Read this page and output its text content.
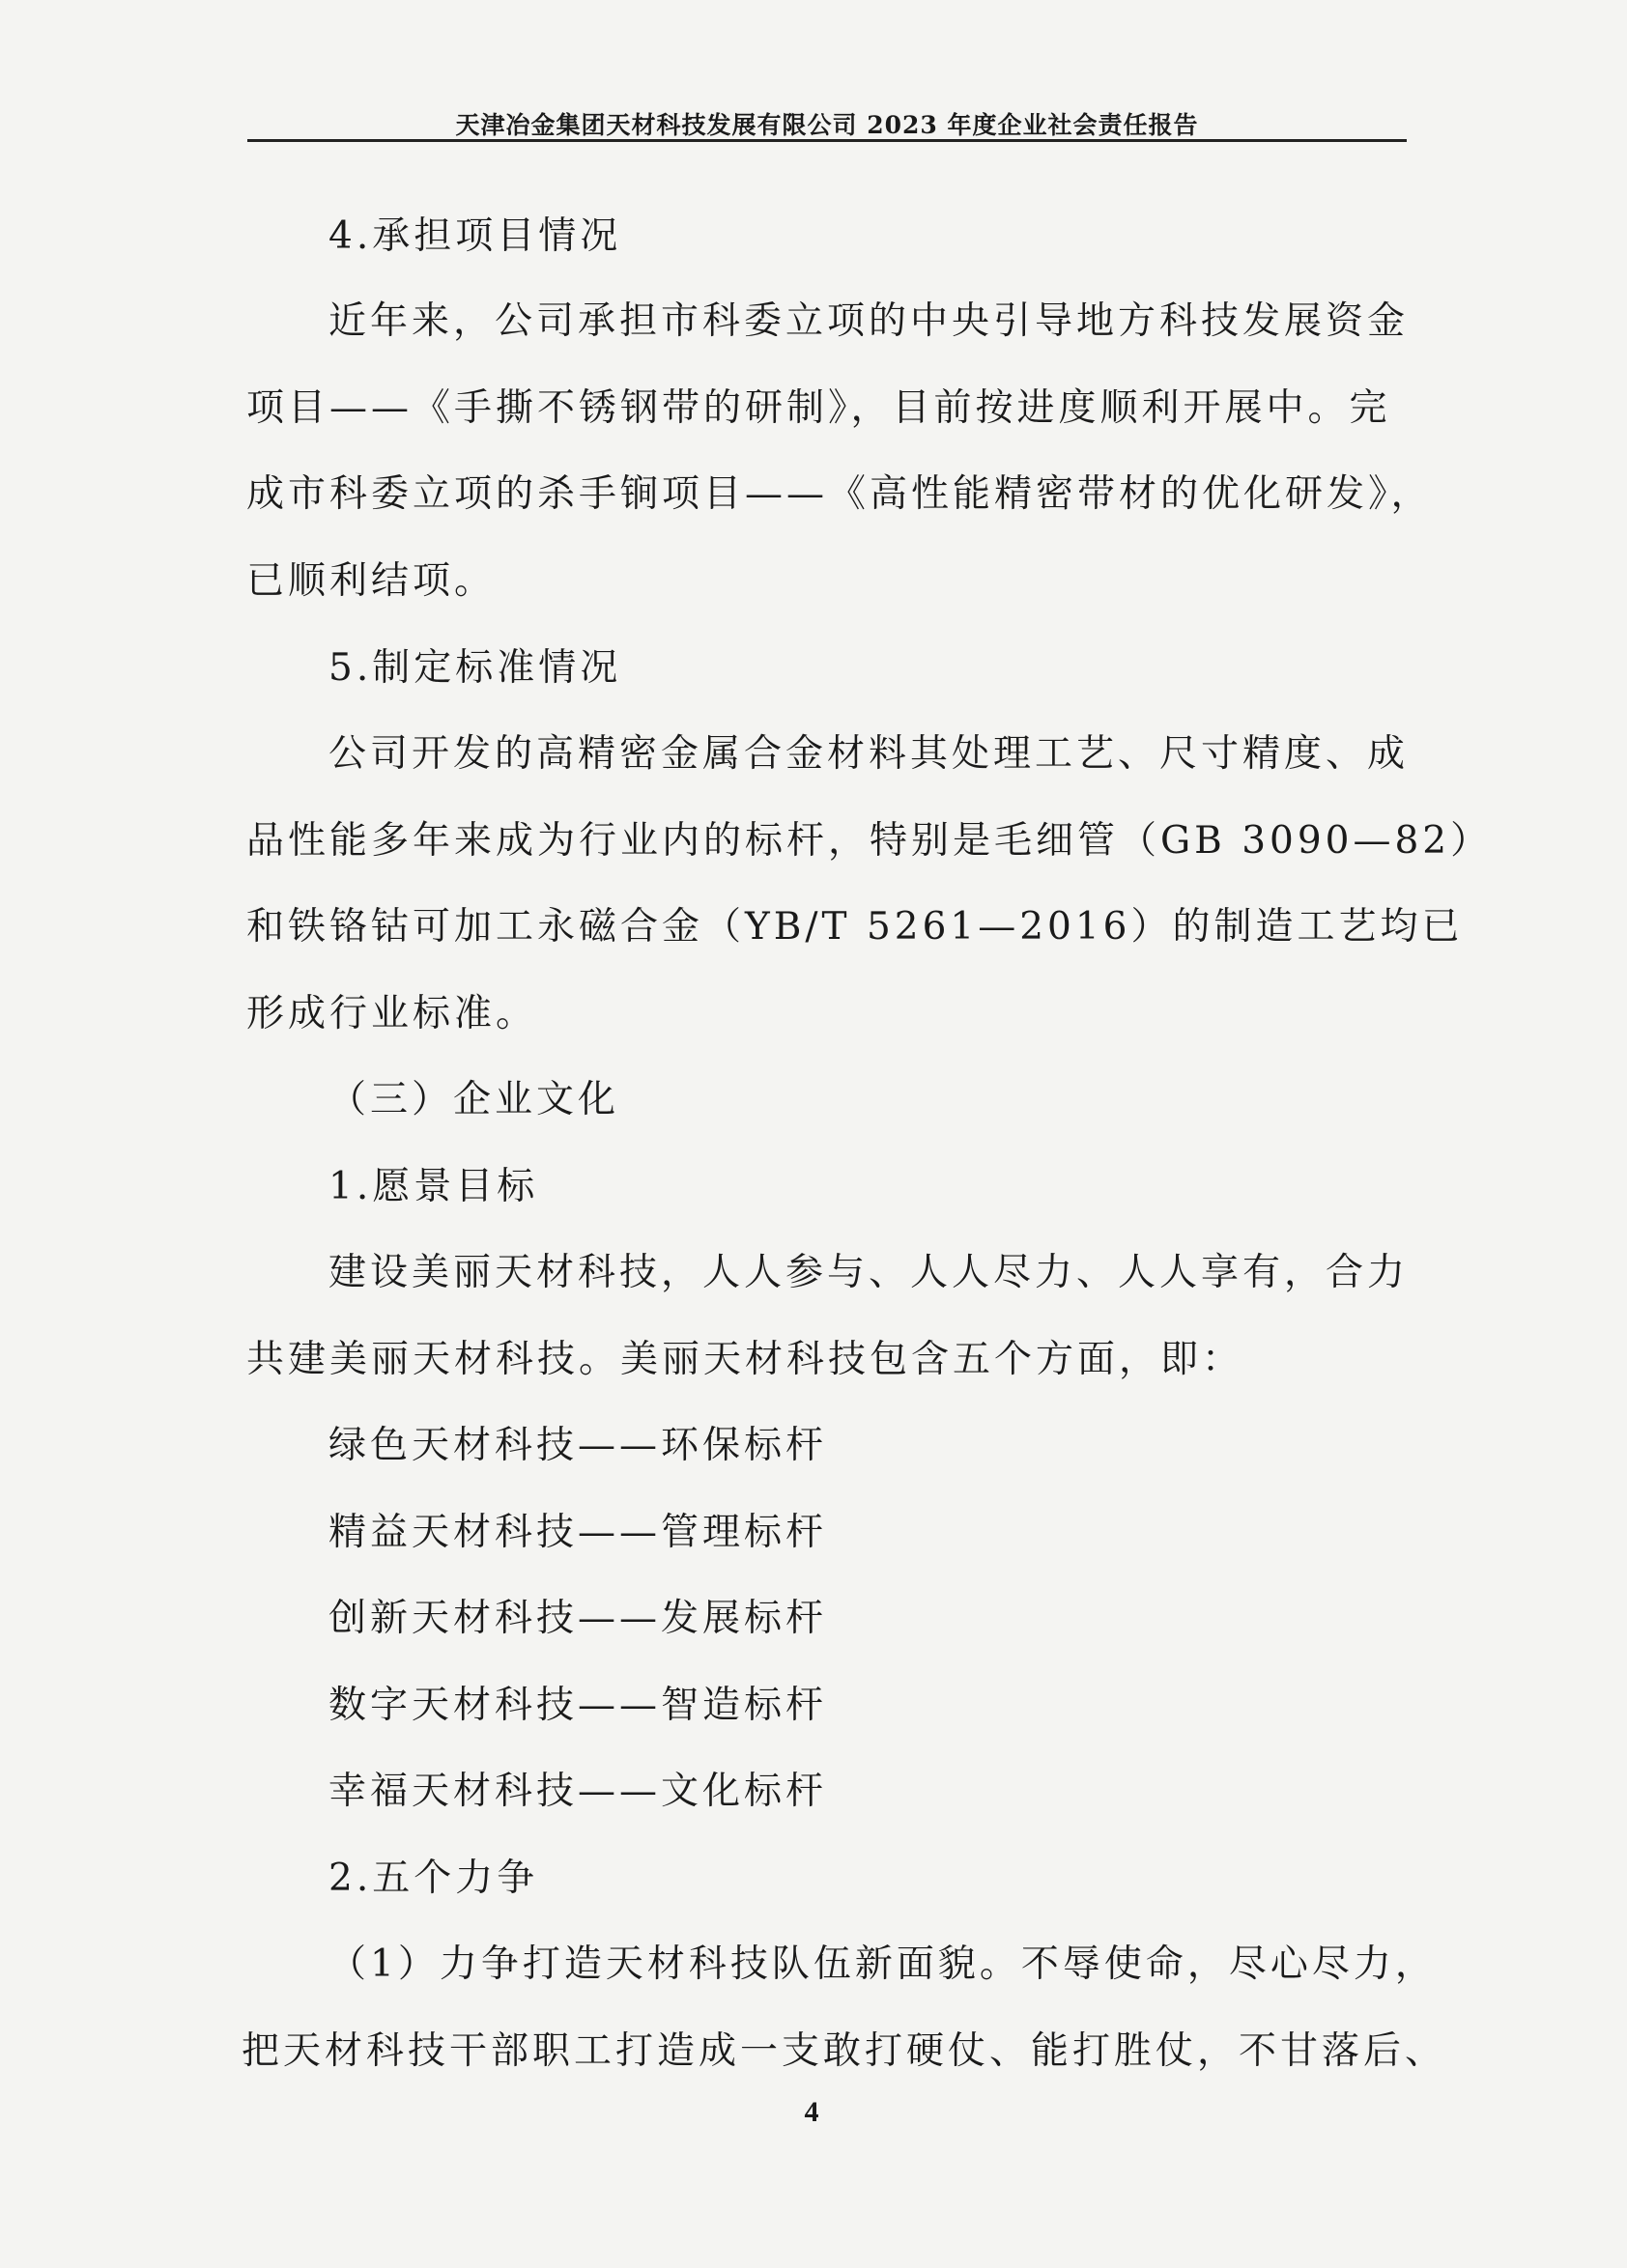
天津冶金集团天材科技发展有限公司 2023 年度企业社会责任报告
4.承担项目情况
近年来，公司承担市科委立项的中央引导地方科技发展资金
项目——《手撕不锈钢带的研制》，目前按进度顺利开展中。完
成市科委立项的杀手锏项目——《高性能精密带材的优化研发》，
已顺利结项。
5.制定标准情况
公司开发的高精密金属合金材料其处理工艺、尺寸精度、成
品性能多年来成为行业内的标杆，特别是毛细管（GB 3090—82）
和铁铬钴可加工永磁合金（YB/T 5261—2016）的制造工艺均已
形成行业标准。
（三）企业文化
1.愿景目标
建设美丽天材科技，人人参与、人人尽力、人人享有，合力
共建美丽天材科技。美丽天材科技包含五个方面，即：
绿色天材科技——环保标杆
精益天材科技——管理标杆
创新天材科技——发展标杆
数字天材科技——智造标杆
幸福天材科技——文化标杆
2.五个力争
（1）力争打造天材科技队伍新面貌。不辱使命，尽心尽力，
把天材科技干部职工打造成一支敢打硬仗、能打胜仗，不甘落后、
4
